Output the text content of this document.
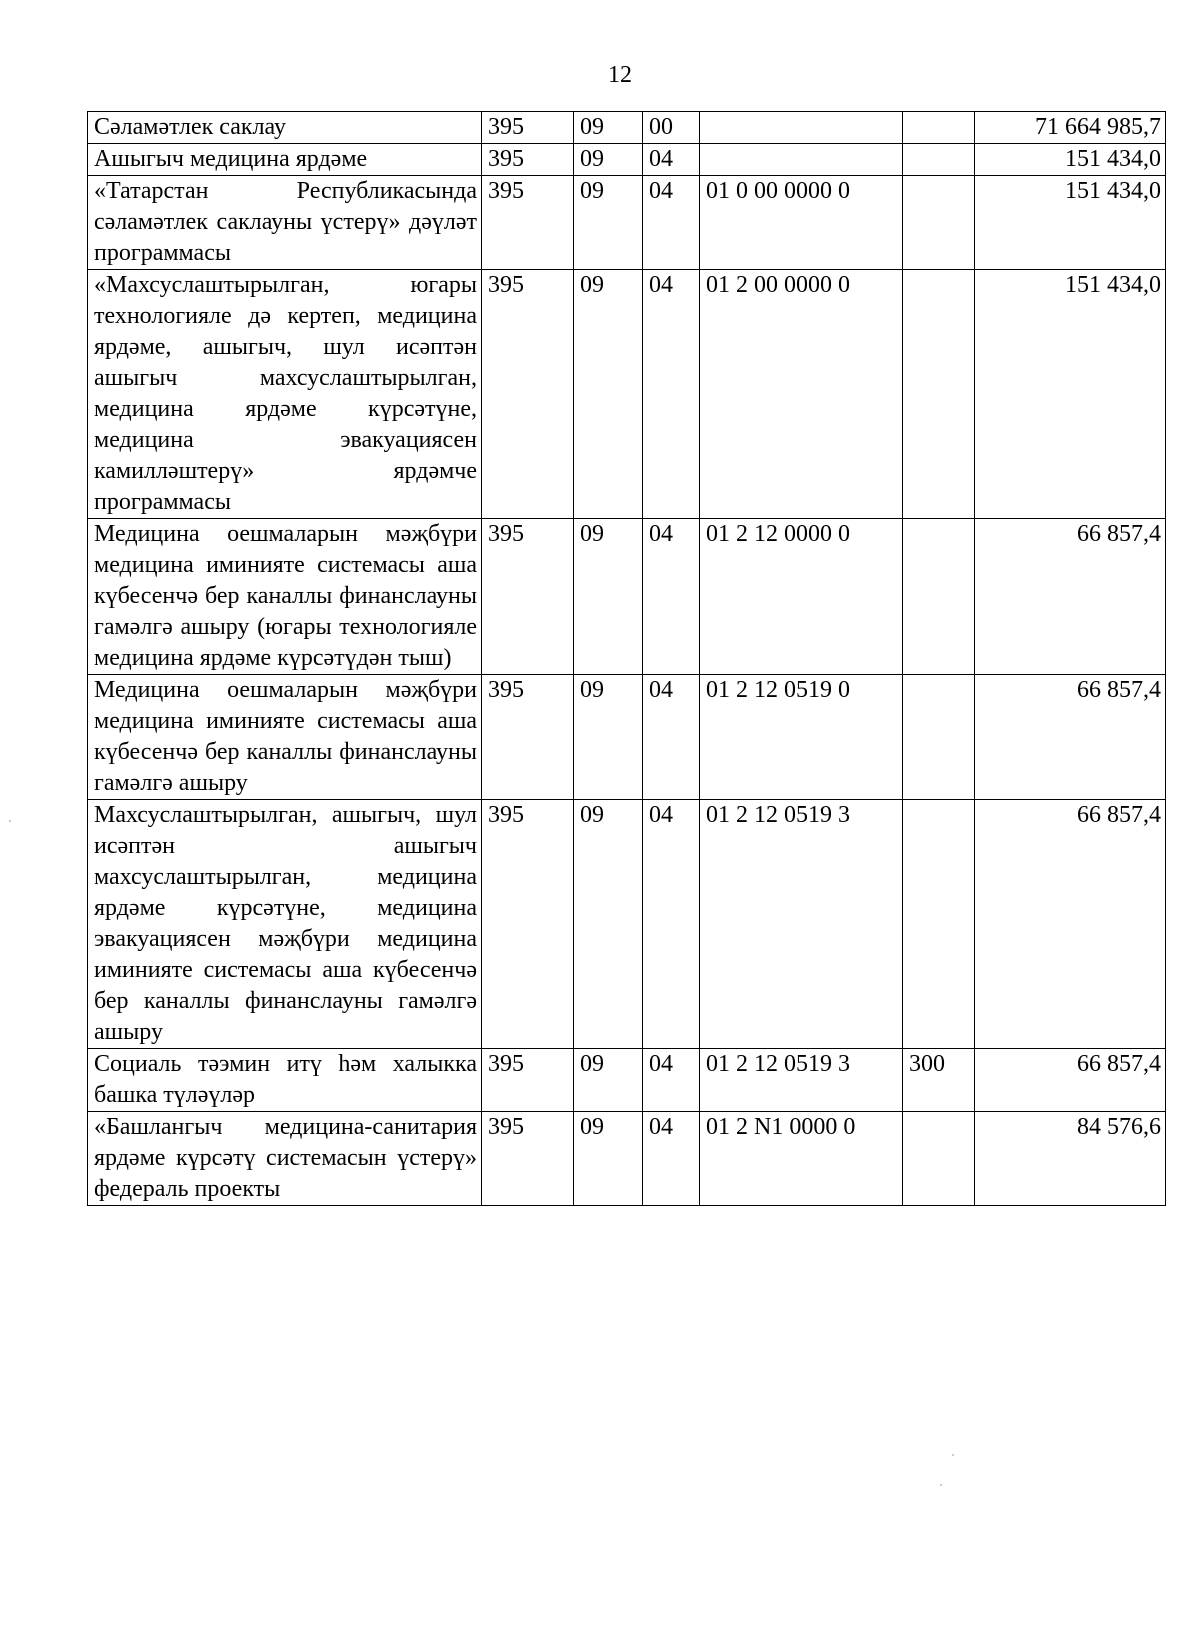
12
Сәламәтлек саклау	395	09	00			71 664 985,7
Ашыгыч медицина ярдәме	395	09	04			151 434,0
«Татарстан Республикасында сәламәтлек саклауны үстерү» дәүләт программасы	395	09	04	01 0 00 0000 0		151 434,0
«Махсуслаштырылган, югары технологияле дә кертеп, медицина ярдәме, ашыгыч, шул исәптән ашыгыч махсуслаштырылган, медицина ярдәме күрсәтүне, медицина эвакуациясен камилләштерү» ярдәмче программасы	395	09	04	01 2 00 0000 0		151 434,0
Медицина оешмаларын мәҗбүри медицина иминияте системасы аша күбесенчә бер каналлы финанслауны гамәлгә ашыру (югары технологияле медицина ярдәме күрсәтүдән тыш)	395	09	04	01 2 12 0000 0		66 857,4
Медицина оешмаларын мәҗбүри медицина иминияте системасы аша күбесенчә бер каналлы финанслауны гамәлгә ашыру	395	09	04	01 2 12 0519 0		66 857,4
Махсуслаштырылган, ашыгыч, шул исәптән ашыгыч махсуслаштырылган, медицина ярдәме күрсәтүне, медицина эвакуациясен мәҗбүри медицина иминияте системасы аша күбесенчә бер каналлы финанслауны гамәлгә ашыру	395	09	04	01 2 12 0519 3		66 857,4
Социаль тәэмин итү һәм халыкка башка түләүләр	395	09	04	01 2 12 0519 3	300	66 857,4
«Башлангыч медицина-санитария ярдәме күрсәтү системасын үстерү» федераль проекты	395	09	04	01 2 N1 0000 0		84 576,6
